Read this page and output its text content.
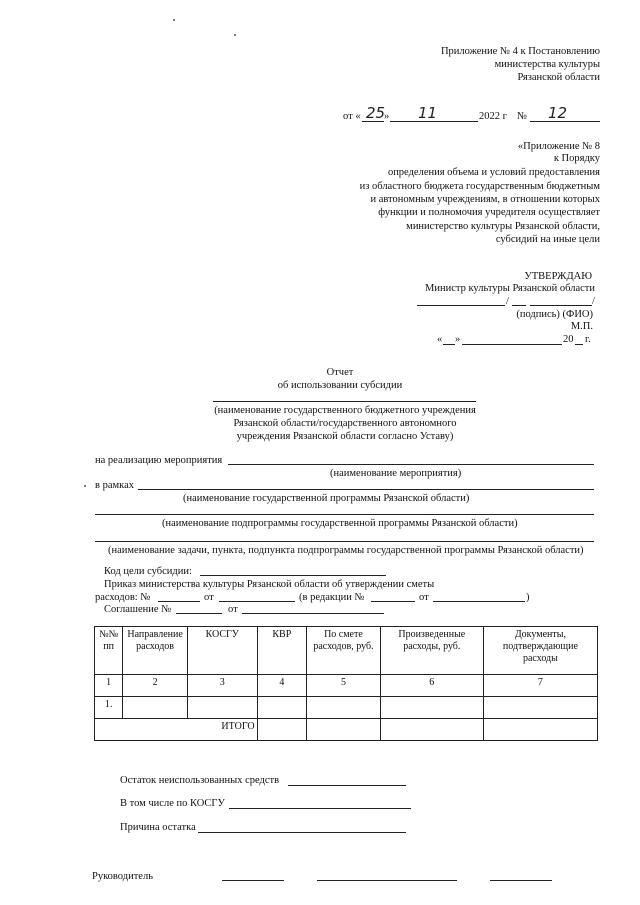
Приложение № 4 к Постановлению
министерства культуры
Рязанской области
от « 25
» 11	2022 г № 12
«Приложение № 8
к Порядку
определения объема и условий предоставления
из областного бюджета государственным бюджетным
и автономным учреждениям, в отношении которых
функции и полномочия учредителя осуществляет
министерство культуры Рязанской области,
субсидий на иные цели
УТВЕРЖДАЮ
Министр культуры Рязанской области
/	/
(подпись) (ФИО)
М.П.
« »	20 г.
Отчет
об использовании субсидии
(наименование государственного бюджетного учреждения
Рязанской области/государственного автономного
учреждения Рязанской области согласно Уставу)
на реализацию мероприятия
(наименование мероприятия)
в рамках
(наименование государственной программы Рязанской области)
(наименование подпрограммы государственной программы Рязанской области)
(наименование задачи, пункта, подпункта подпрограммы государственной программы Рязанской области)
Код цели субсидии:
Приказ министерства культуры Рязанской области об утверждении сметы
расходов: №	от	(в редакции №	от	)
Соглашение №	от
№№ пп	Направление расходов	КОСГУ	КВР	По смете расходов, руб.	Произведенные расходы, руб.	Документы, подтверждающие расходы
1	2	3	4	5	6	7
1.						
ИТОГО						
Остаток неиспользованных средств
В том числе по КОСГУ
Причина остатка
Руководитель
